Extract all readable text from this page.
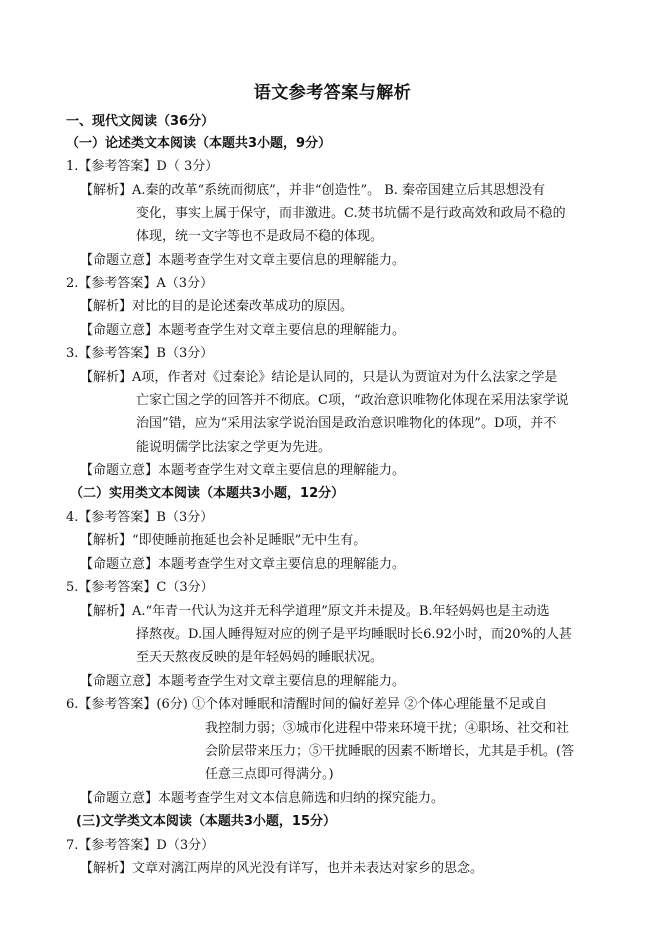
语文参考答案与解析
一、现代文阅读（36分）
（一）论述类文本阅读（本题共3小题，9分）
1.【参考答案】D（ 3分）
【解析】A.秦的改革“系统而彻底”，并非“创造性”。 B. 秦帝国建立后其思想没有
变化，事实上属于保守，而非激进。C.焚书坑儒不是行政高效和政局不稳的
体现，统一文字等也不是政局不稳的体现。
【命题立意】本题考查学生对文章主要信息的理解能力。
2.【参考答案】A（3分）
【解析】对比的目的是论述秦改革成功的原因。
【命题立意】本题考查学生对文章主要信息的理解能力。
3.【参考答案】B（3分）
【解析】A项，作者对《过秦论》结论是认同的，只是认为贾谊对为什么法家之学是
亡家亡国之学的回答并不彻底。C项，“政治意识唯物化体现在采用法家学说
治国”错，应为“采用法家学说治国是政治意识唯物化的体现”。D项，并不
能说明儒学比法家之学更为先进。
【命题立意】本题考查学生对文章主要信息的理解能力。
（二）实用类文本阅读（本题共3小题，12分）
4.【参考答案】B（3分）
【解析】“即使睡前拖延也会补足睡眠”无中生有。
【命题立意】本题考查学生对文章主要信息的理解能力。
5.【参考答案】C（3分）
【解析】A.“年青一代认为这并无科学道理”原文并未提及。B.年轻妈妈也是主动选
择熬夜。D.国人睡得短对应的例子是平均睡眠时长6.92小时，而20%的人甚
至天天熬夜反映的是年轻妈妈的睡眠状况。
【命题立意】本题考查学生对文章主要信息的理解能力。
6.【参考答案】(6分) ①个体对睡眠和清醒时间的偏好差异 ②个体心理能量不足或自
我控制力弱；③城市化进程中带来环境干扰；④职场、社交和社
会阶层带来压力；⑤干扰睡眠的因素不断增长，尤其是手机。(答
任意三点即可得满分。)
【命题立意】本题考查学生对文本信息筛选和归纳的探究能力。
(三)文学类文本阅读（本题共3小题，15分）
7.【参考答案】D（3分）
【解析】文章对漓江两岸的风光没有详写，也并未表达对家乡的思念。
